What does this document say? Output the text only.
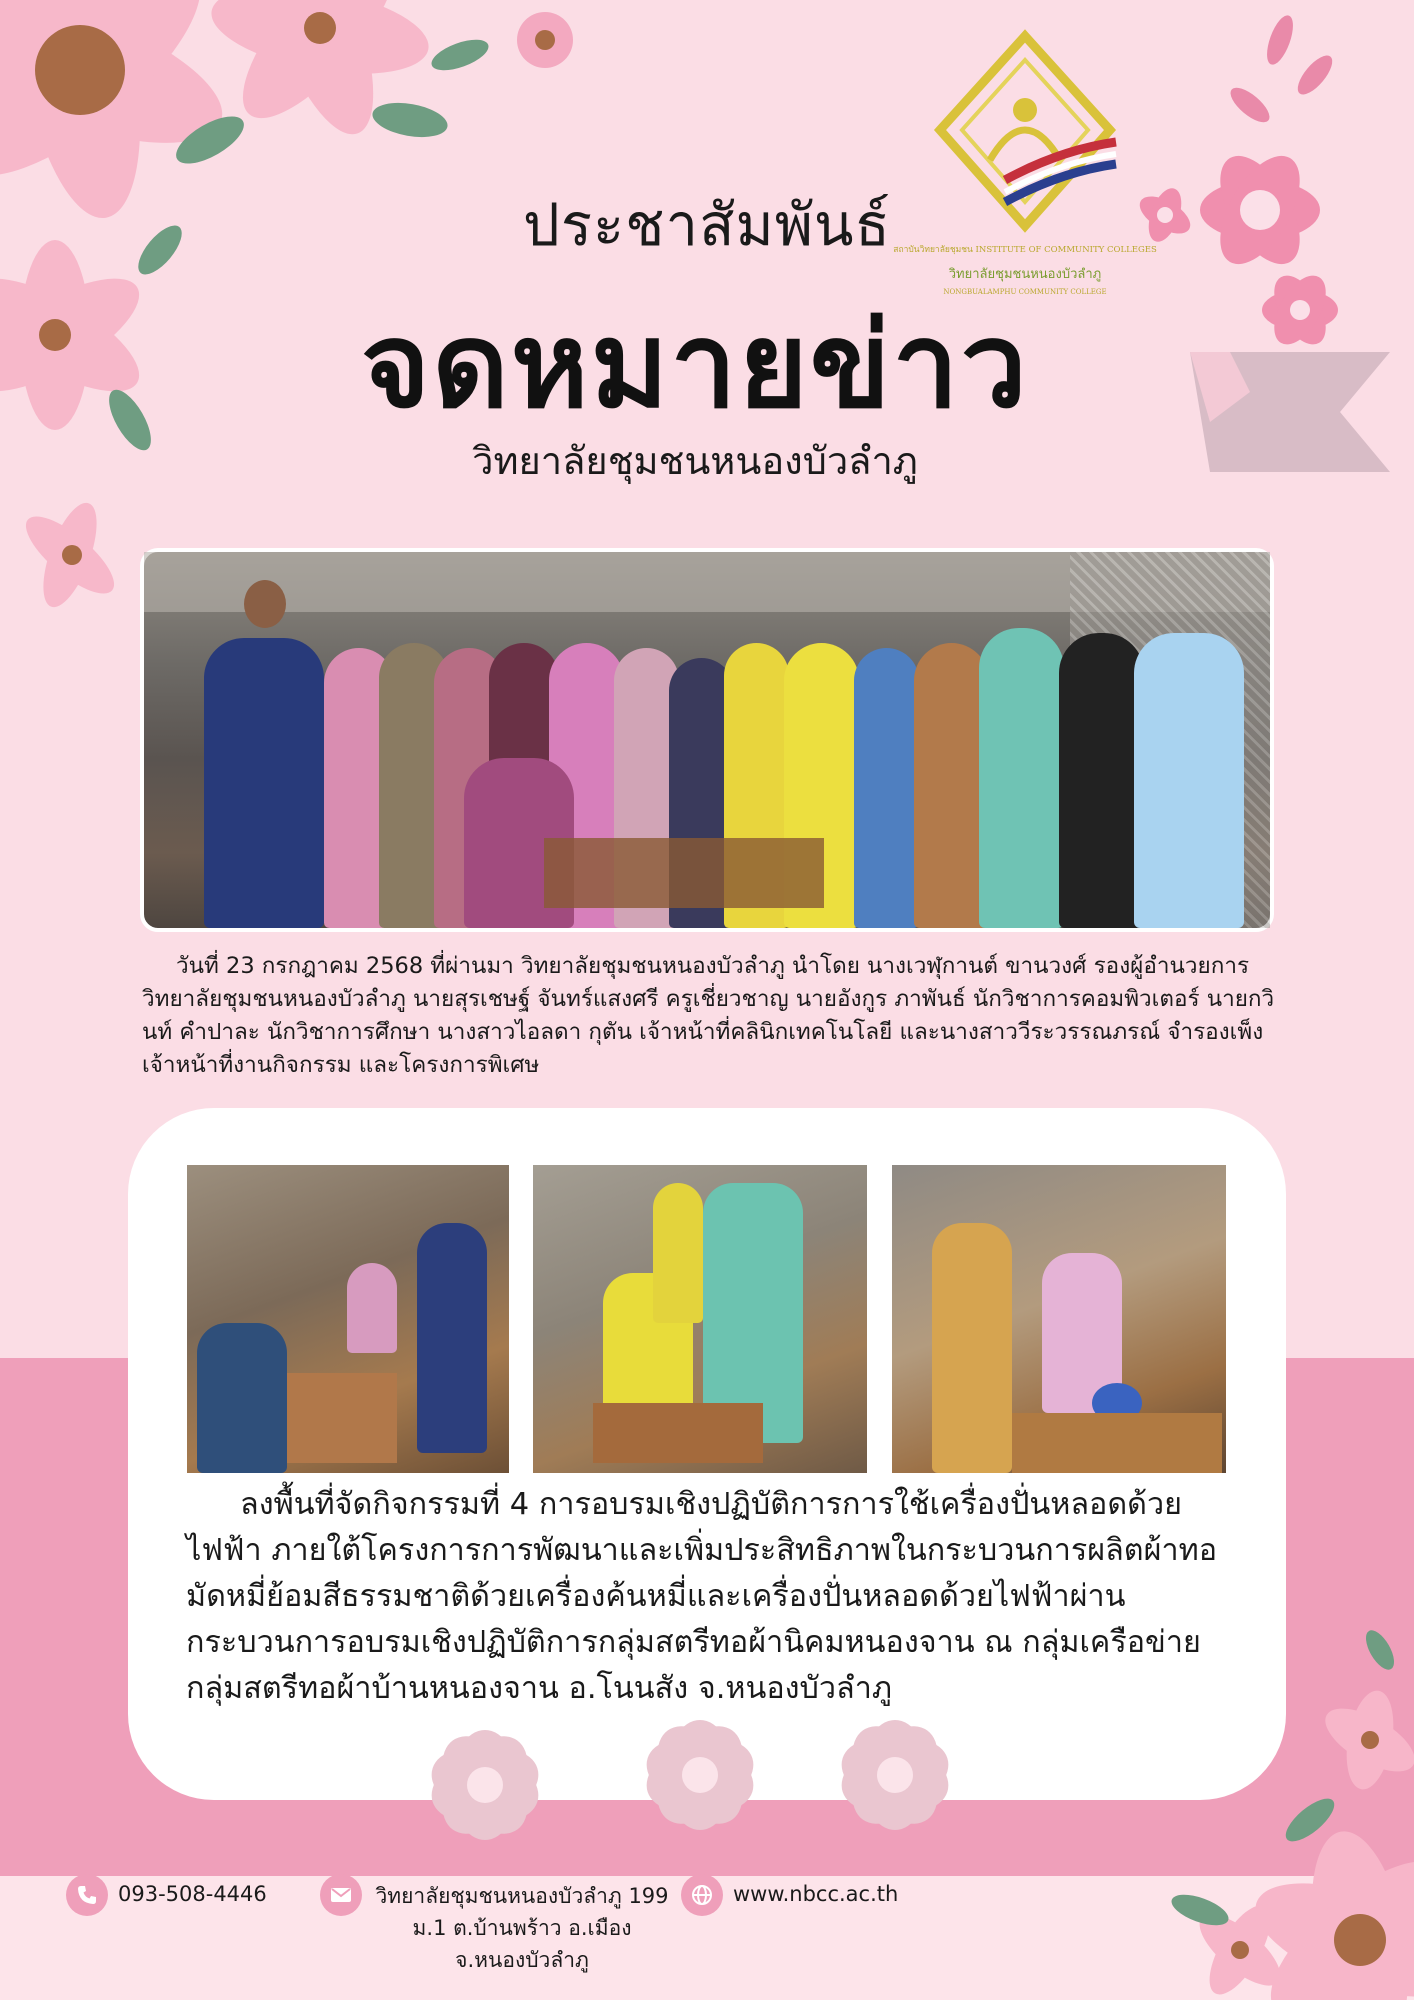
สถาบันวิทยาลัยชุมชน INSTITUTE OF COMMUNITY COLLEGES
วิทยาลัยชุมชนหนองบัวลำภู
NONGBUALAMPHU COMMUNITY COLLEGE
ประชาสัมพันธ์
จดหมายข่าว
วิทยาลัยชุมชนหนองบัวลำภู
วันที่ 23 กรกฎาคม 2568 ที่ผ่านมา วิทยาลัยชุมชนหนองบัวลำภู นำโดย นางเวฬุกานต์ ขานวงศ์ รองผู้อำนวยการวิทยาลัยชุมชนหนองบัวลำภู นายสุรเชษฐ์ จันทร์แสงศรี ครูเชี่ยวชาญ นายอังกูร ภาพันธ์ นักวิชาการคอมพิวเตอร์ นายกวินท์ คำปาละ นักวิชาการศึกษา นางสาวไอลดา กุตัน เจ้าหน้าที่คลินิกเทคโนโลยี และนางสาววีระวรรณภรณ์ จำรองเพ็ง เจ้าหน้าที่งานกิจกรรม และโครงการพิเศษ
ลงพื้นที่จัดกิจกรรมที่ 4 การอบรมเชิงปฏิบัติการการใช้เครื่องปั่นหลอดด้วยไฟฟ้า ภายใต้โครงการการพัฒนาและเพิ่มประสิทธิภาพในกระบวนการผลิตผ้าทอมัดหมี่ย้อมสีธรรมชาติด้วยเครื่องค้นหมี่และเครื่องปั่นหลอดด้วยไฟฟ้าผ่านกระบวนการอบรมเชิงปฏิบัติการกลุ่มสตรีทอผ้านิคมหนองจาน ณ กลุ่มเครือข่ายกลุ่มสตรีทอผ้าบ้านหนองจาน อ.โนนสัง จ.หนองบัวลำภู
093-508-4446	วิทยาลัยชุมชนหนองบัวลำภู 199
ม.1 ต.บ้านพร้าว อ.เมือง
จ.หนองบัวลำภู
www.nbcc.ac.th
